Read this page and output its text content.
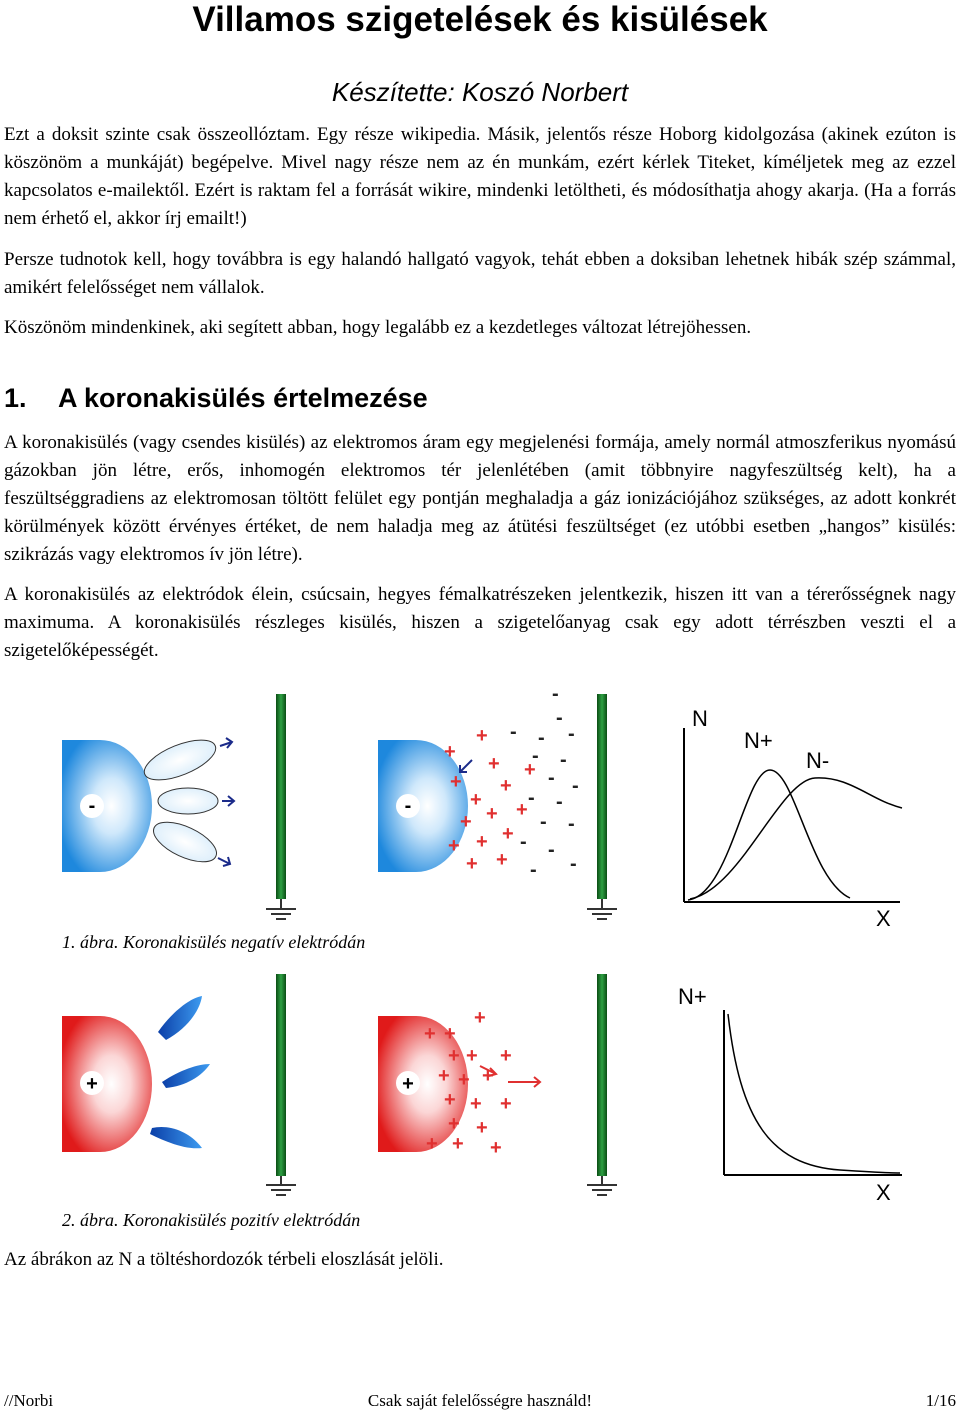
Villamos szigetelések és kisülések
Készítette: Koszó Norbert

Ezt a doksit szinte csak összeollóztam. Egy része wikipedia. Másik, jelentős része Hoborg kidolgozása (akinek ezúton is köszönöm a munkáját) begépelve. Mivel nagy része nem az én munkám, ezért kérlek Titeket, kíméljetek meg az ezzel kapcsolatos e-mailektől. Ezért is raktam fel a forrását wikire, mindenki letöltheti, és módosíthatja ahogy akarja. (Ha a forrás nem érhető el, akkor írj emailt!)

Persze tudnotok kell, hogy továbbra is egy halandó hallgató vagyok, tehát ebben a doksiban lehetnek hibák szép számmal, amikért felelősséget nem vállalok.

Köszönöm mindenkinek, aki segített abban, hogy legalább ez a kezdetleges változat létrejöhessen.

1. A koronakisülés értelmezése

A koronakisülés (vagy csendes kisülés) az elektromos áram egy megjelenési formája, amely normál atmoszferikus nyomású gázokban jön létre, erős, inhomogén elektromos tér jelenlétében (amit többnyire nagyfeszültség kelt), ha a feszültséggradiens az elektromosan töltött felület egy pontján meghaladja a gáz ionizációjához szükséges, az adott konkrét körülmények között érvényes értéket, de nem haladja meg az átütési feszültséget (ez utóbbi esetben „hangos” kisülés: szikrázás vagy elektromos ív jön létre).

A koronakisülés az elektródok élein, csúcsain, hegyes fémalkatrészeken jelentkezik, hiszen itt van a térerősségnek nagy maximuma. A koronakisülés részleges kisülés, hiszen a szigetelőanyag csak egy adott térrészben veszti el a szigetelőképességét.

-	-
+
+
+
+
+
+
+ + +
+ + +
+ +
+
-
-
- - -
- -
- -
- -
- -
- -
-
-
N
X
N+
N-
1. ábra. Koronakisülés negatív elektródán
+	+
+ +
+
+ + +
+ + +
+ + +
+ +
+ + +
N+
X
2. ábra. Koronakisülés pozitív elektródán

Az ábrákon az N a töltéshordozók térbeli eloszlását jelöli.

//Norbi	Csak saját felelősségre használd!	1/16
